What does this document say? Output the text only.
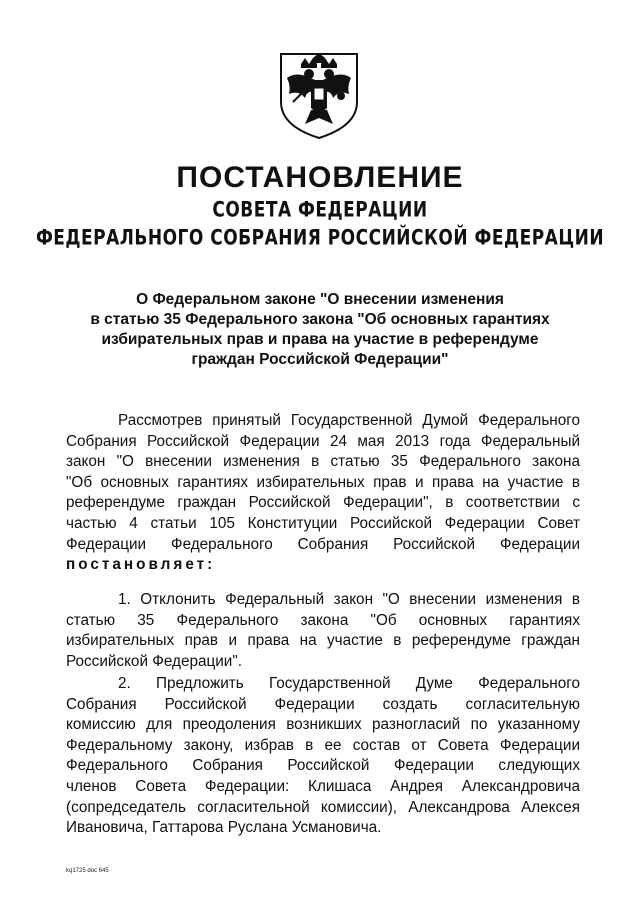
ПОСТАНОВЛЕНИЕ
СОВЕТА ФЕДЕРАЦИИ
ФЕДЕРАЛЬНОГО СОБРАНИЯ РОССИЙСКОЙ ФЕДЕРАЦИИ
О Федеральном законе "О внесении изменения
в статью 35 Федерального закона "Об основных гарантиях
избирательных прав и права на участие в референдуме
граждан Российской Федерации"
Рассмотрев принятый Государственной Думой Федерального
Собрания Российской Федерации 24 мая 2013 года Федеральный
закон "О внесении изменения в статью 35 Федерального закона
"Об основных гарантиях избирательных прав и права на участие в
референдуме граждан Российской Федерации", в соответствии с
частью 4 статьи 105 Конституции Российской Федерации Совет
Федерации Федерального Собрания Российской Федерации
постановляет:
1. Отклонить Федеральный закон "О внесении изменения в
статью 35 Федерального закона "Об основных гарантиях
избирательных прав и права на участие в референдуме граждан
Российской Федерации".
2. Предложить Государственной Думе Федерального
Собрания Российской Федерации создать согласительную
комиссию для преодоления возникших разногласий по указанному
Федеральному закону, избрав в ее состав от Совета Федерации
Федерального Собрания Российской Федерации следующих
членов Совета Федерации: Клишаса Андрея Александровича
(сопредседатель согласительной комиссии), Александрова Алексея
Ивановича, Гаттарова Руслана Усмановича.
kq1725 doc 645
